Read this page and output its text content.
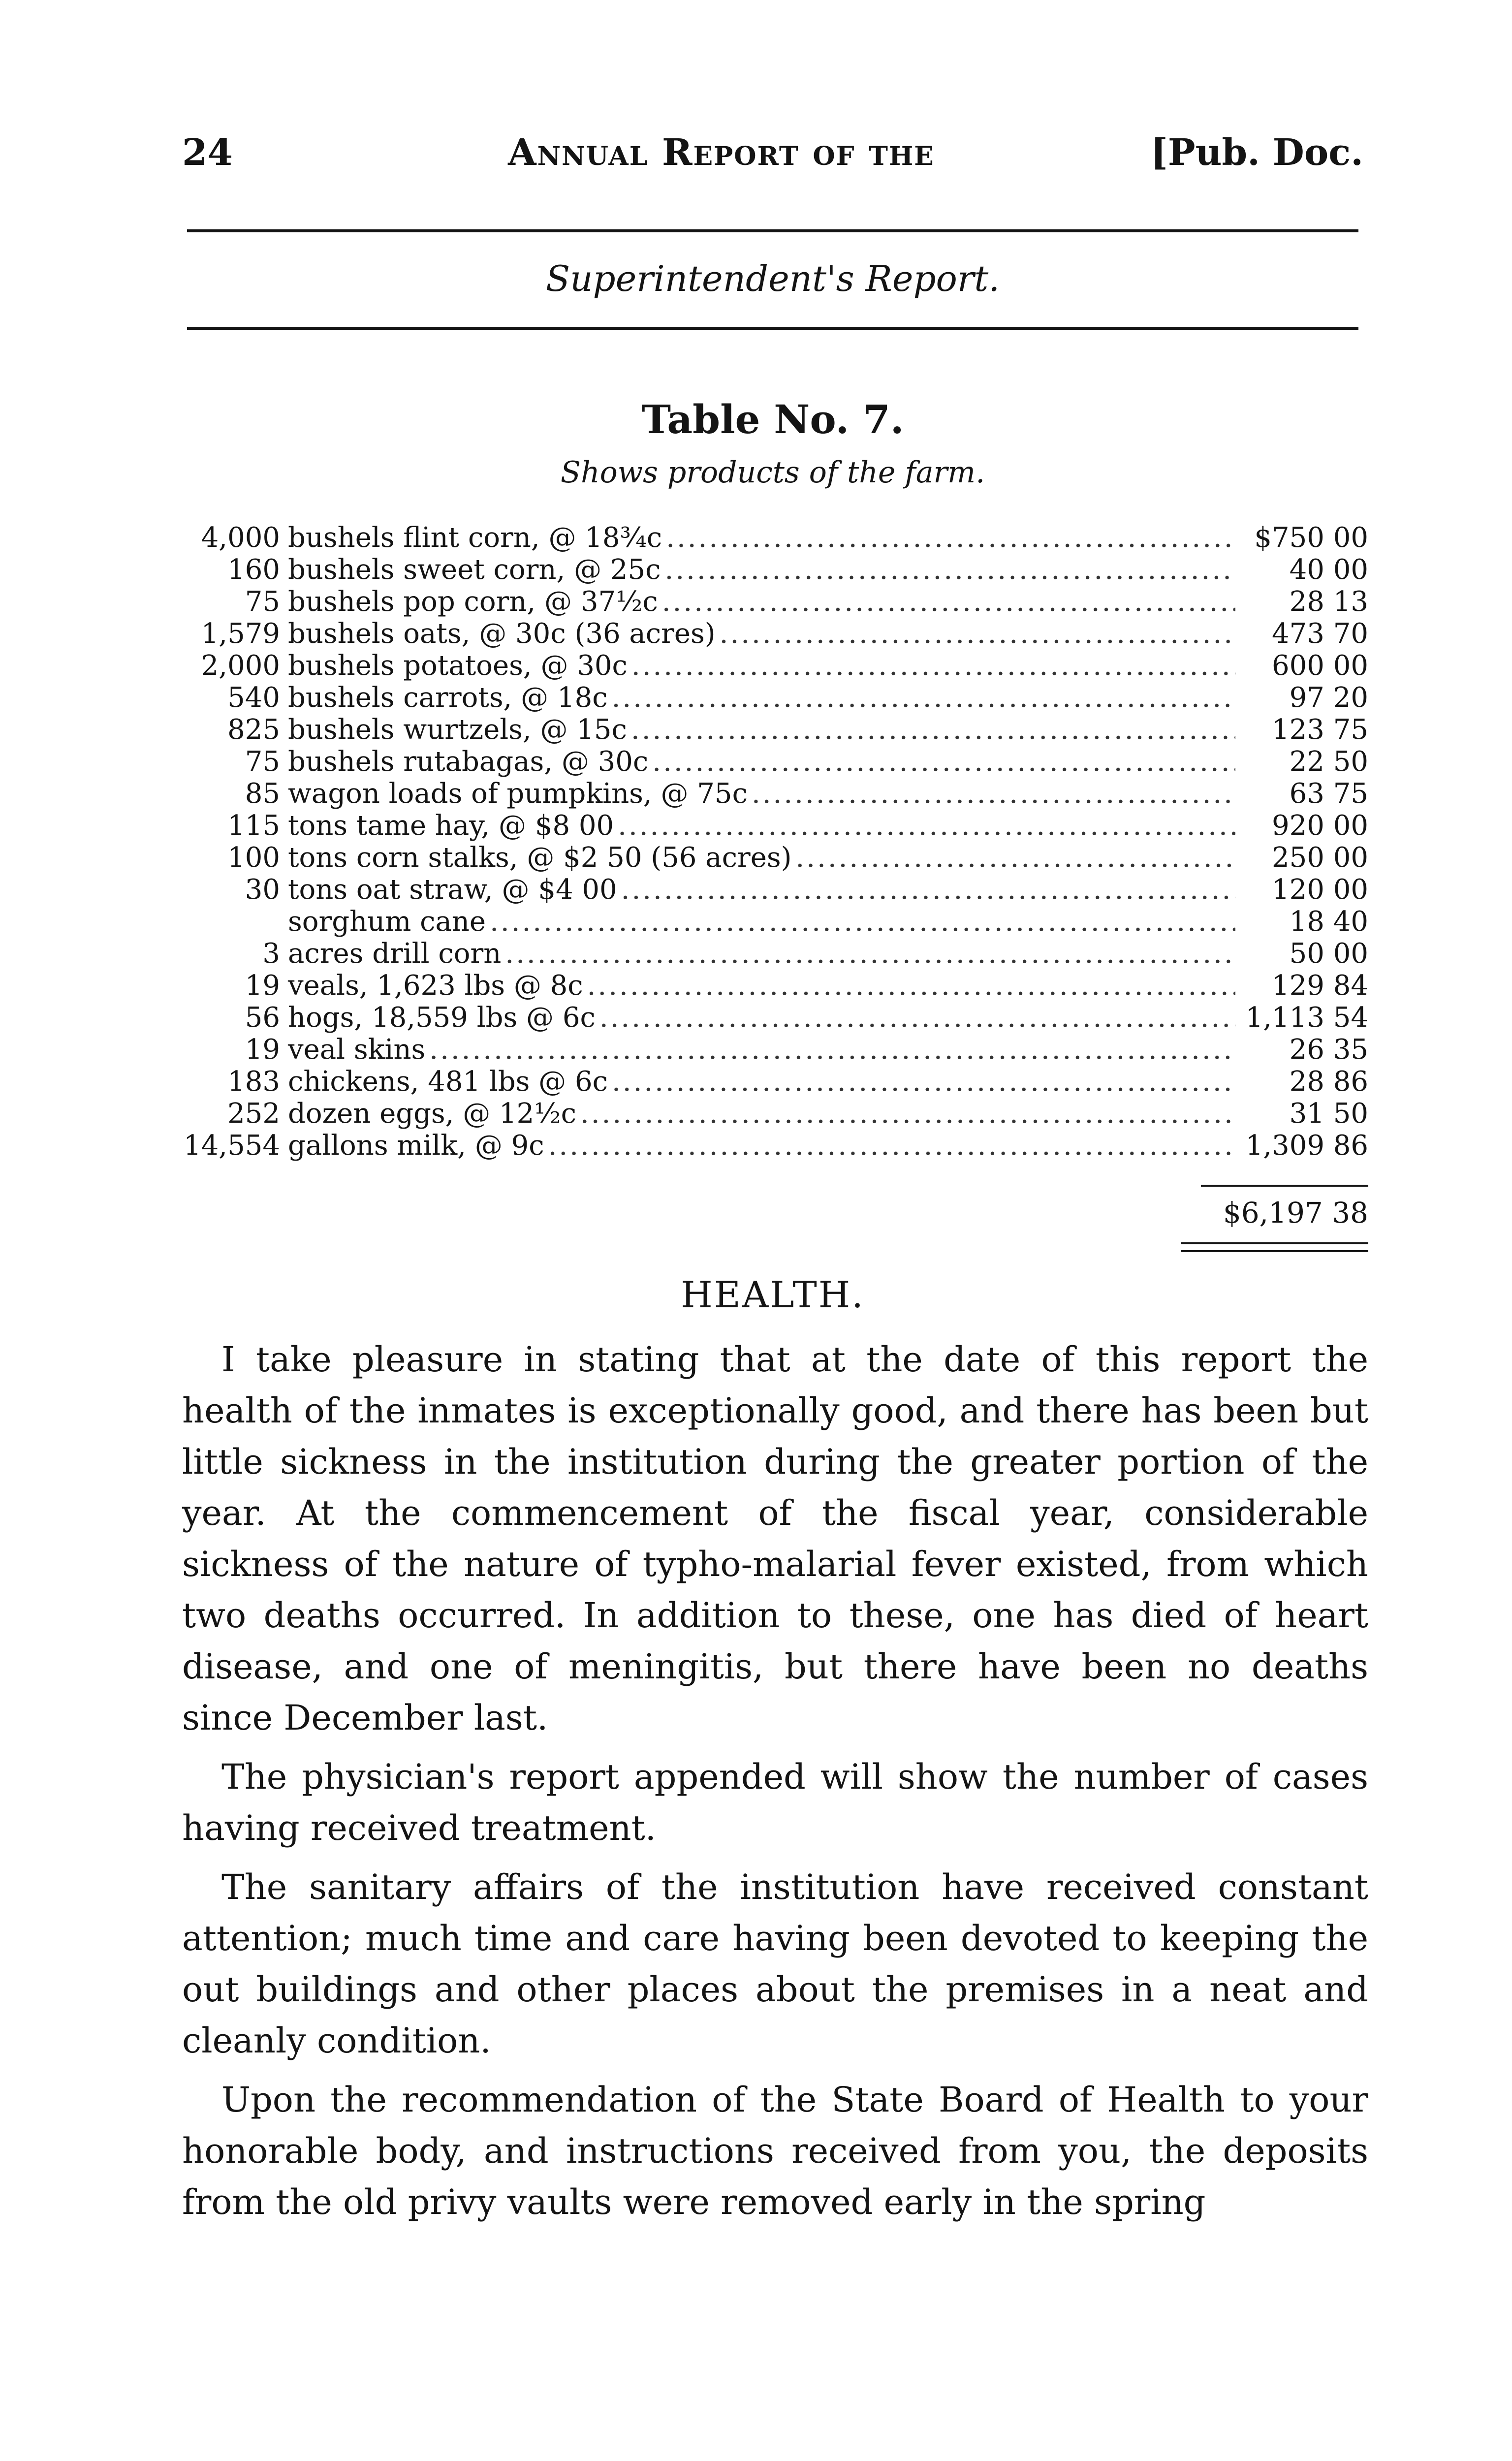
24	Annual Report of the	[Pub. Doc.
Superintendent's Report.
Table No. 7.
Shows products of the farm.
4,000 bushels flint corn, @ 18¾c .....	$750 00
160 bushels sweet corn, @ 25c .....	40 00
75 bushels pop corn, @ 37½c .....	28 13
1,579 bushels oats, @ 30c (36 acres) .....	473 70
2,000 bushels potatoes, @ 30c .....	600 00
540 bushels carrots, @ 18c .....	97 20
825 bushels wurtzels, @ 15c .....	123 75
75 bushels rutabagas, @ 30c .....	22 50
85 wagon loads of pumpkins, @ 75c .....	63 75
115 tons tame hay, @ $8 00 .....	920 00
100 tons corn stalks, @ $2 50 (56 acres) .....	250 00
30 tons oat straw, @ $4 00 .....	120 00
sorghum cane .....	18 40
3 acres drill corn .....	50 00
19 veals, 1,623 lbs @ 8c .....	129 84
56 hogs, 18,559 lbs @ 6c .....	1,113 54
19 veal skins .....	26 35
183 chickens, 481 lbs @ 6c .....	28 86
252 dozen eggs, @ 12½c .....	31 50
14,554 gallons milk, @ 9c .....	1,309 86
$6,197 38
HEALTH.

I take pleasure in stating that at the date of this report the health of the inmates is exceptionally good, and there has been but little sickness in the institution during the greater portion of the year. At the commencement of the fiscal year, considerable sickness of the nature of typho-malarial fever existed, from which two deaths occurred. In addition to these, one has died of heart disease, and one of meningitis, but there have been no deaths since December last.

The physician's report appended will show the number of cases having received treatment.

The sanitary affairs of the institution have received constant attention; much time and care having been devoted to keeping the out buildings and other places about the premises in a neat and cleanly condition.

Upon the recommendation of the State Board of Health to your honorable body, and instructions received from you, the deposits from the old privy vaults were removed early in the spring
